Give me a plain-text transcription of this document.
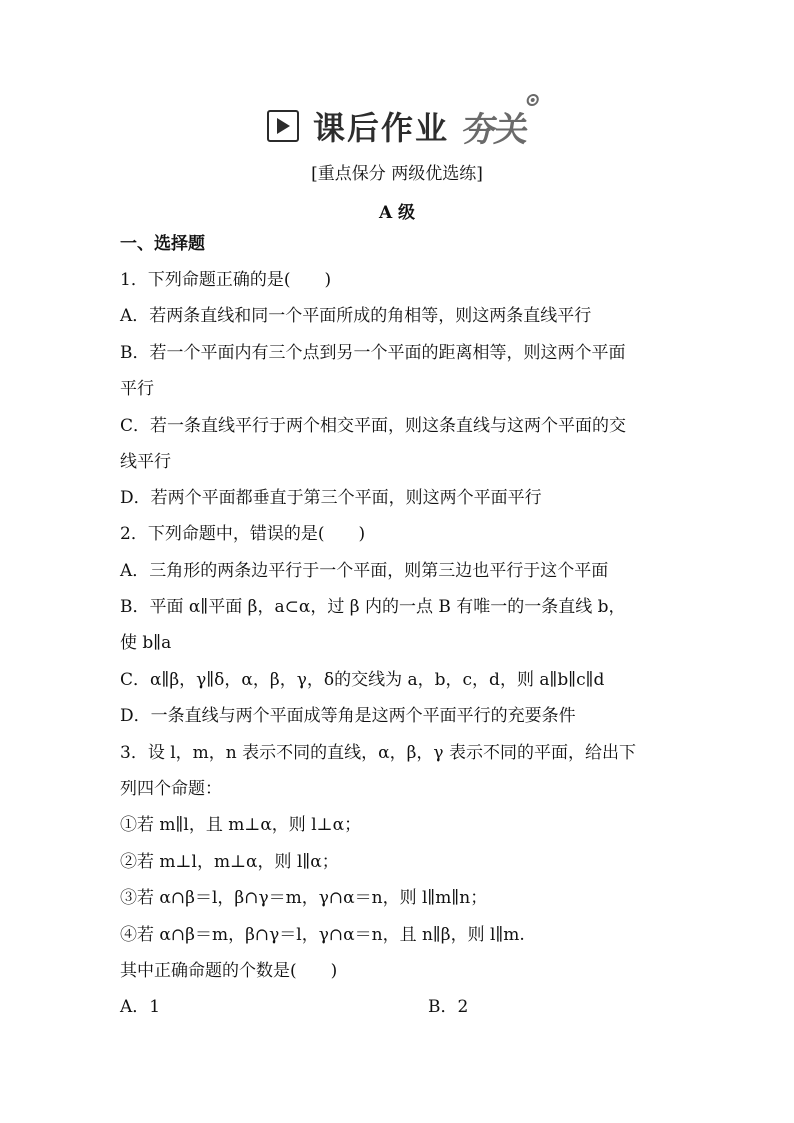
课后作业 夯关
[重点保分 两级优选练]
A 级
一、选择题
1．下列命题正确的是(　　)
A．若两条直线和同一个平面所成的角相等，则这两条直线平行
B．若一个平面内有三个点到另一个平面的距离相等，则这两个平面
平行
C．若一条直线平行于两个相交平面，则这条直线与这两个平面的交
线平行
D．若两个平面都垂直于第三个平面，则这两个平面平行
2．下列命题中，错误的是(　　)
A．三角形的两条边平行于一个平面，则第三边也平行于这个平面
B．平面 α∥平面 β，a⊂α，过 β 内的一点 B 有唯一的一条直线 b，
使 b∥a
C．α∥β，γ∥δ，α，β，γ，δ的交线为 a，b，c，d，则 a∥b∥c∥d
D．一条直线与两个平面成等角是这两个平面平行的充要条件
3．设 l，m，n 表示不同的直线，α，β，γ 表示不同的平面，给出下
列四个命题：
①若 m∥l，且 m⊥α，则 l⊥α；
②若 m⊥l，m⊥α，则 l∥α；
③若 α∩β＝l，β∩γ＝m，γ∩α＝n，则 l∥m∥n；
④若 α∩β＝m，β∩γ＝l，γ∩α＝n，且 n∥β，则 l∥m.
其中正确命题的个数是(　　)
A．1	B．2
